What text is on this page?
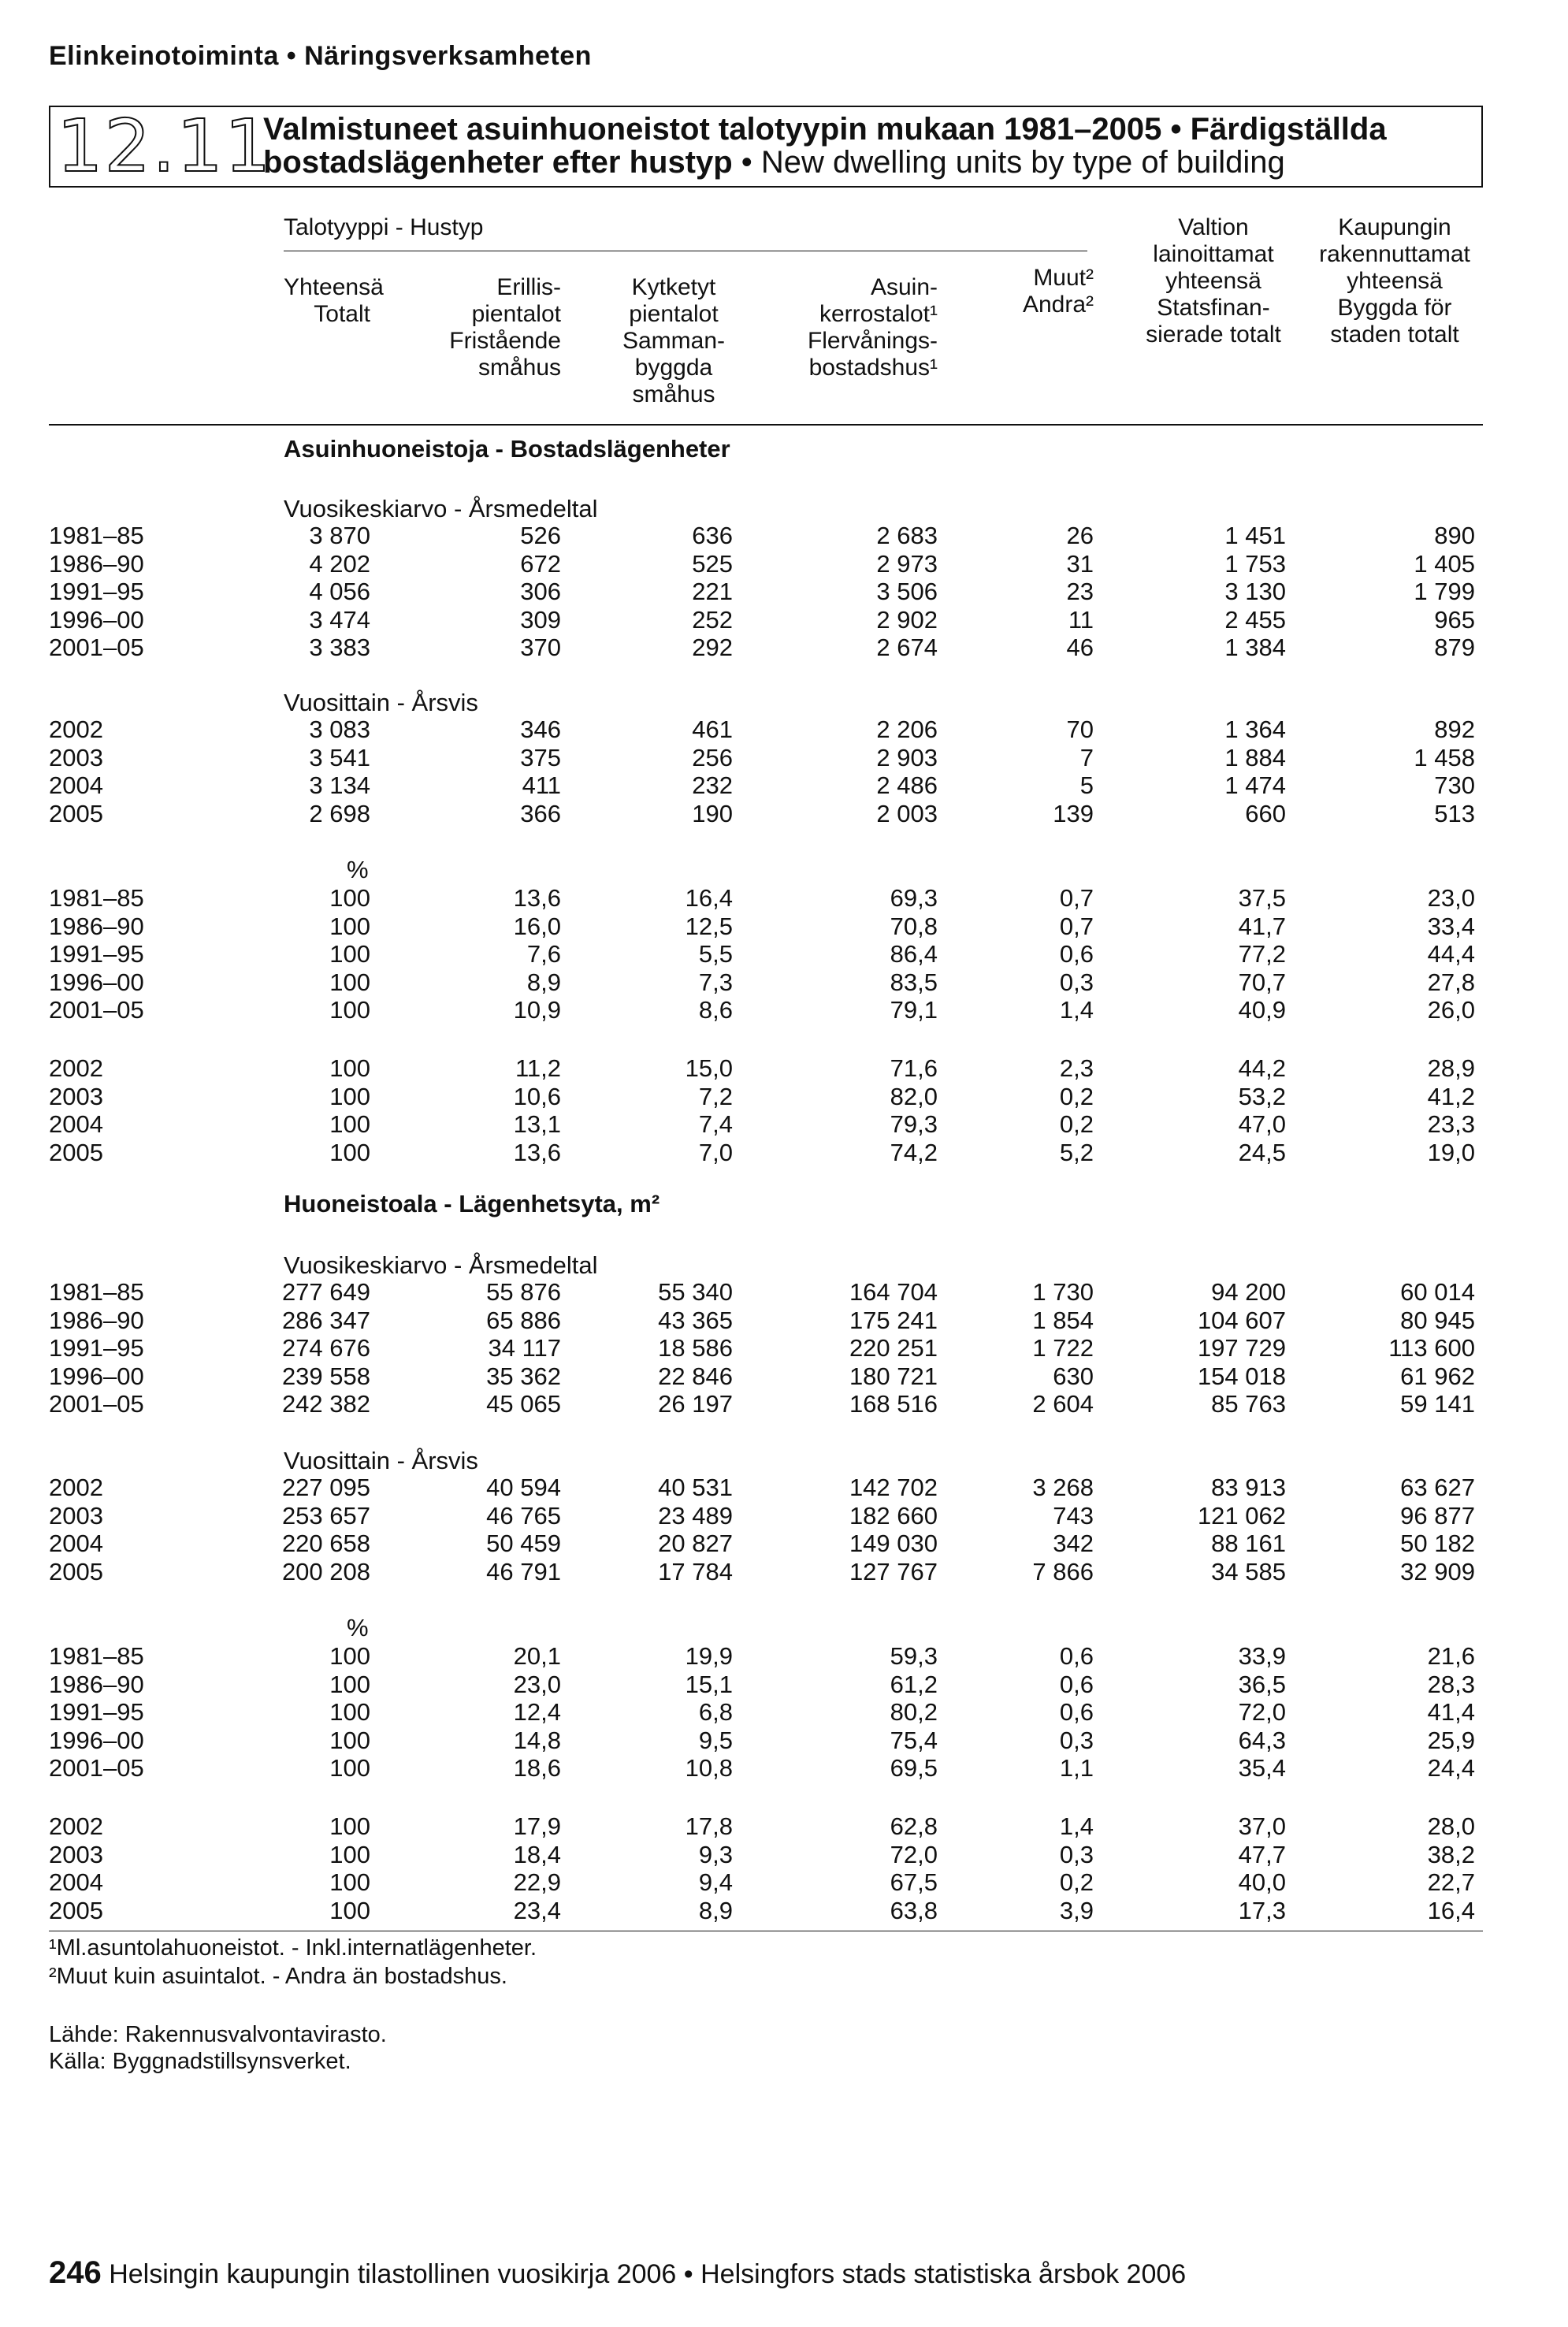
Elinkeinotoiminta • Näringsverksamheten
12.11
Valmistuneet asuinhuoneistot talotyypin mukaan 1981–2005 • Färdigställda
bostadslägenheter efter hustyp • New dwelling units by type of building
Talotyyppi - Hustyp
Yhteensä
Totalt
Erillis-
pientalot
Fristående
småhus
Kytketyt
pientalot
Samman-
byggda
småhus
Asuin-
kerrostalot¹
Flervånings-
bostadshus¹
Muut²
Andra²
Valtion
lainoittamat
yhteensä
Statsfinan-
sierade totalt
Kaupungin
rakennuttamat
yhteensä
Byggda för
staden totalt
Asuinhuoneistoja - Bostadslägenheter
Vuosikeskiarvo - Årsmedeltal
1981–85	3 870	526	636	2 683	26	1 451	890
1986–90	4 202	672	525	2 973	31	1 753	1 405
1991–95	4 056	306	221	3 506	23	3 130	1 799
1996–00	3 474	309	252	2 902	11	2 455	965
2001–05	3 383	370	292	2 674	46	1 384	879
Vuosittain - Årsvis
2002	3 083	346	461	2 206	70	1 364	892
2003	3 541	375	256	2 903	7	1 884	1 458
2004	3 134	411	232	2 486	5	1 474	730
2005	2 698	366	190	2 003	139	660	513
%
1981–85	100	13,6	16,4	69,3	0,7	37,5	23,0
1986–90	100	16,0	12,5	70,8	0,7	41,7	33,4
1991–95	100	7,6	5,5	86,4	0,6	77,2	44,4
1996–00	100	8,9	7,3	83,5	0,3	70,7	27,8
2001–05	100	10,9	8,6	79,1	1,4	40,9	26,0
2002	100	11,2	15,0	71,6	2,3	44,2	28,9
2003	100	10,6	7,2	82,0	0,2	53,2	41,2
2004	100	13,1	7,4	79,3	0,2	47,0	23,3
2005	100	13,6	7,0	74,2	5,2	24,5	19,0
Huoneistoala - Lägenhetsyta, m²
Vuosikeskiarvo - Årsmedeltal
1981–85	277 649	55 876	55 340	164 704	1 730	94 200	60 014
1986–90	286 347	65 886	43 365	175 241	1 854	104 607	80 945
1991–95	274 676	34 117	18 586	220 251	1 722	197 729	113 600
1996–00	239 558	35 362	22 846	180 721	630	154 018	61 962
2001–05	242 382	45 065	26 197	168 516	2 604	85 763	59 141
Vuosittain - Årsvis
2002	227 095	40 594	40 531	142 702	3 268	83 913	63 627
2003	253 657	46 765	23 489	182 660	743	121 062	96 877
2004	220 658	50 459	20 827	149 030	342	88 161	50 182
2005	200 208	46 791	17 784	127 767	7 866	34 585	32 909
%
1981–85	100	20,1	19,9	59,3	0,6	33,9	21,6
1986–90	100	23,0	15,1	61,2	0,6	36,5	28,3
1991–95	100	12,4	6,8	80,2	0,6	72,0	41,4
1996–00	100	14,8	9,5	75,4	0,3	64,3	25,9
2001–05	100	18,6	10,8	69,5	1,1	35,4	24,4
2002	100	17,9	17,8	62,8	1,4	37,0	28,0
2003	100	18,4	9,3	72,0	0,3	47,7	38,2
2004	100	22,9	9,4	67,5	0,2	40,0	22,7
2005	100	23,4	8,9	63,8	3,9	17,3	16,4
¹Ml.asuntolahuoneistot. - Inkl.internatlägenheter.
²Muut kuin asuintalot. - Andra än bostadshus.
Lähde: Rakennusvalvontavirasto.
Källa: Byggnadstillsynsverket.
246 Helsingin kaupungin tilastollinen vuosikirja 2006 • Helsingfors stads statistiska årsbok 2006
